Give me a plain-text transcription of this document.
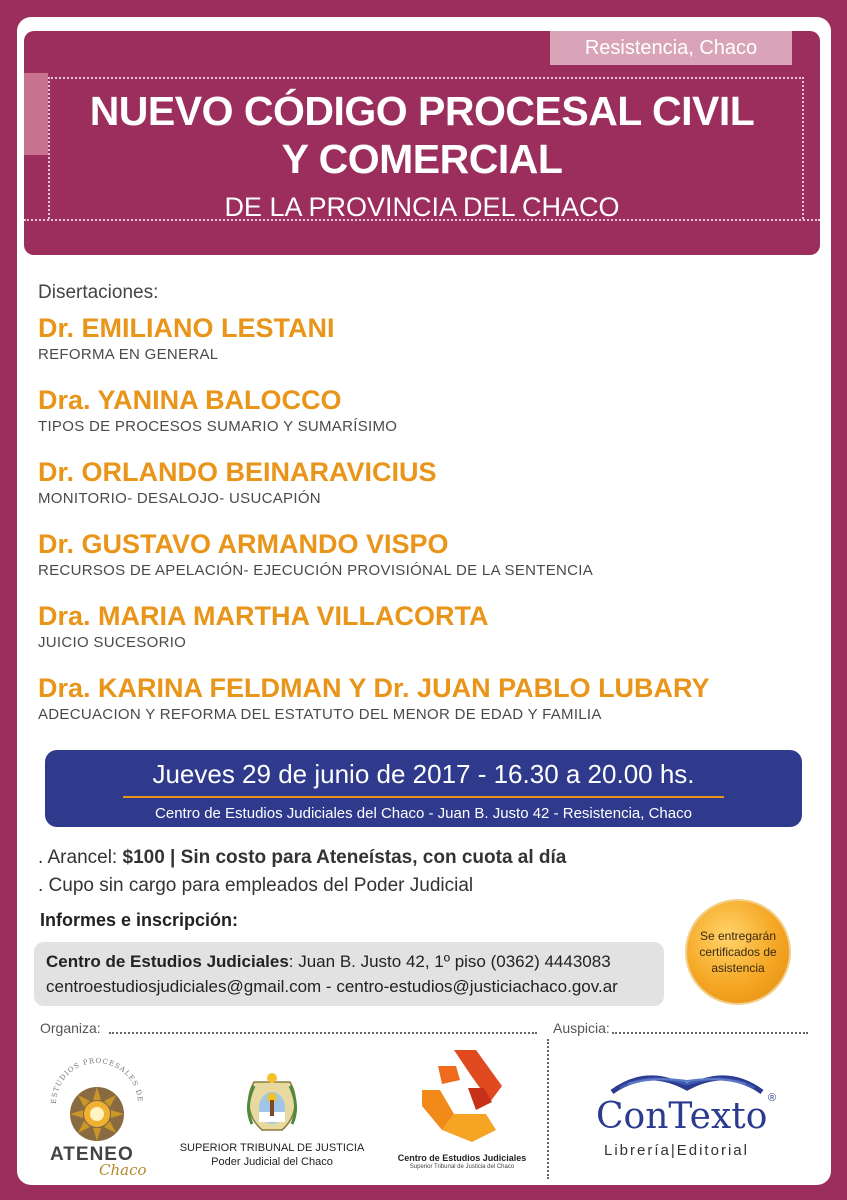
Resistencia, Chaco
NUEVO CÓDIGO PROCESAL CIVIL
Y COMERCIAL
DE LA PROVINCIA DEL CHACO
Disertaciones:
Dr. EMILIANO LESTANI
REFORMA EN GENERAL
Dra. YANINA BALOCCO
TIPOS DE PROCESOS SUMARIO Y SUMARÍSIMO
Dr. ORLANDO BEINARAVICIUS
MONITORIO- DESALOJO- USUCAPIÓN
Dr. GUSTAVO ARMANDO VISPO
RECURSOS DE APELACIÓN- EJECUCIÓN PROVISIÓNAL DE LA SENTENCIA
Dra. MARIA MARTHA VILLACORTA
JUICIO SUCESORIO
Dra. KARINA FELDMAN Y Dr. JUAN PABLO LUBARY
ADECUACION Y REFORMA DEL ESTATUTO DEL MENOR DE EDAD Y FAMILIA
Jueves 29 de junio de 2017 - 16.30 a 20.00 hs.
Centro de Estudios Judiciales del Chaco - Juan B. Justo 42 - Resistencia, Chaco
. Arancel: $100 | Sin costo para Ateneístas, con cuota al día
. Cupo sin cargo para empleados del Poder Judicial
Informes e inscripción:
Centro de Estudios Judiciales: Juan B. Justo 42, 1º piso (0362) 4443083
centroestudiosjudiciales@gmail.com - centro-estudios@justiciachaco.gov.ar
Se entregarán certificados de asistencia
Organiza:	Auspicia:
ESTUDIOS PROCESALES DE
ATENEO
Chaco
SUPERIOR TRIBUNAL DE JUSTICIA
Poder Judicial del Chaco	Centro de Estudios Judiciales
Superior Tribunal de Justicia del Chaco
ConTexto ®
Librería|Editorial
